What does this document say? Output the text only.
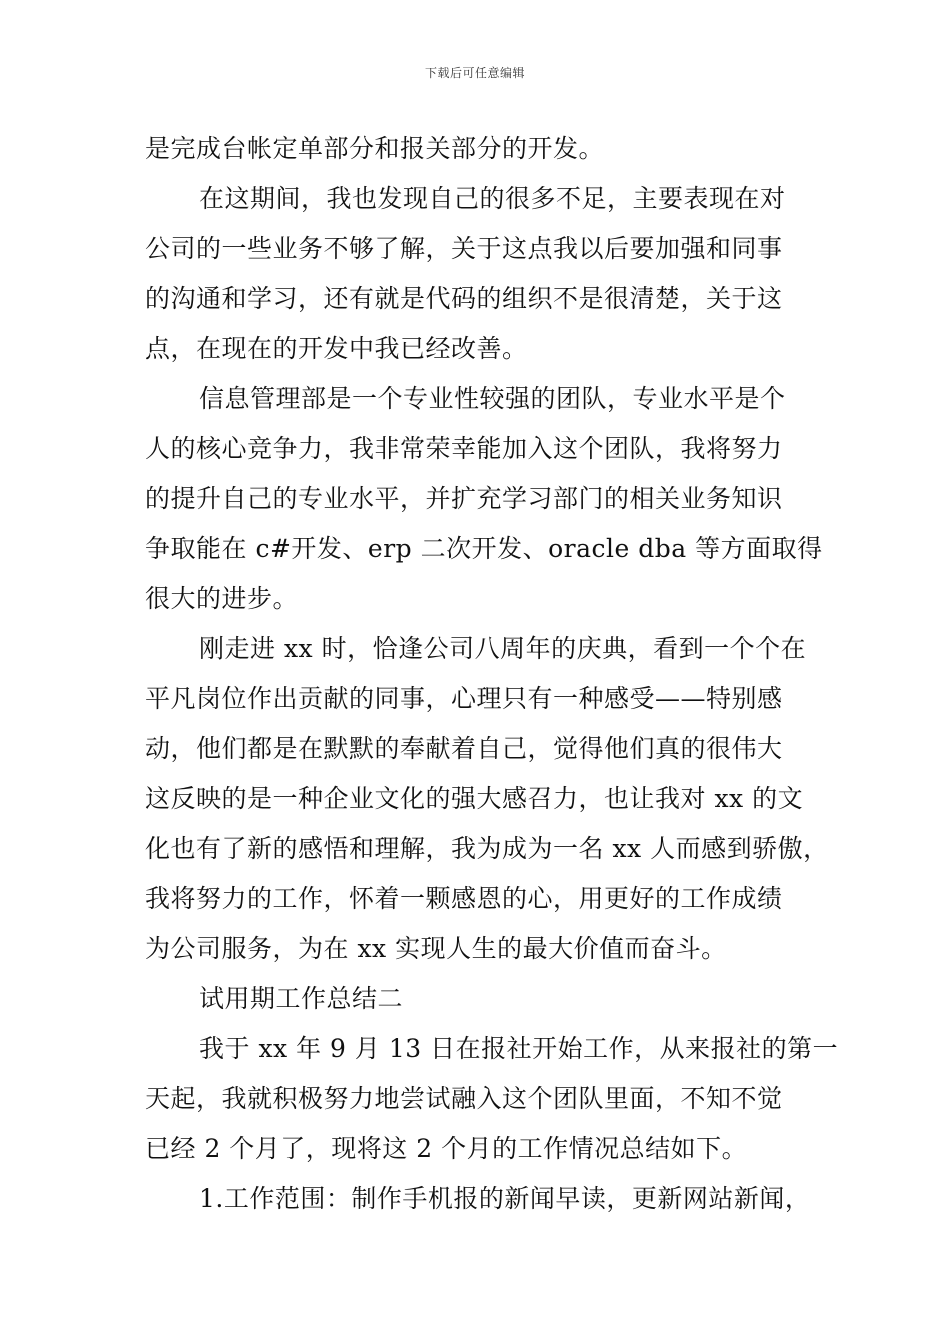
下载后可任意编辑
是完成台帐定单部分和报关部分的开发。
在这期间，我也发现自己的很多不足，主要表现在对
公司的一些业务不够了解，关于这点我以后要加强和同事
的沟通和学习，还有就是代码的组织不是很清楚，关于这
点，在现在的开发中我已经改善。
信息管理部是一个专业性较强的团队，专业水平是个
人的核心竞争力，我非常荣幸能加入这个团队，我将努力
的提升自己的专业水平，并扩充学习部门的相关业务知识
争取能在 c#开发、erp 二次开发、oracle dba 等方面取得
很大的进步。
刚走进 xx 时，恰逢公司八周年的庆典，看到一个个在
平凡岗位作出贡献的同事，心理只有一种感受——特别感
动，他们都是在默默的奉献着自己，觉得他们真的很伟大
这反映的是一种企业文化的强大感召力，也让我对 xx 的文
化也有了新的感悟和理解，我为成为一名 xx 人而感到骄傲，
我将努力的工作，怀着一颗感恩的心，用更好的工作成绩
为公司服务，为在 xx 实现人生的最大价值而奋斗。
试用期工作总结二
我于 xx 年 9 月 13 日在报社开始工作，从来报社的第一
天起，我就积极努力地尝试融入这个团队里面，不知不觉
已经 2 个月了，现将这 2 个月的工作情况总结如下。
1.工作范围：制作手机报的新闻早读，更新网站新闻，
